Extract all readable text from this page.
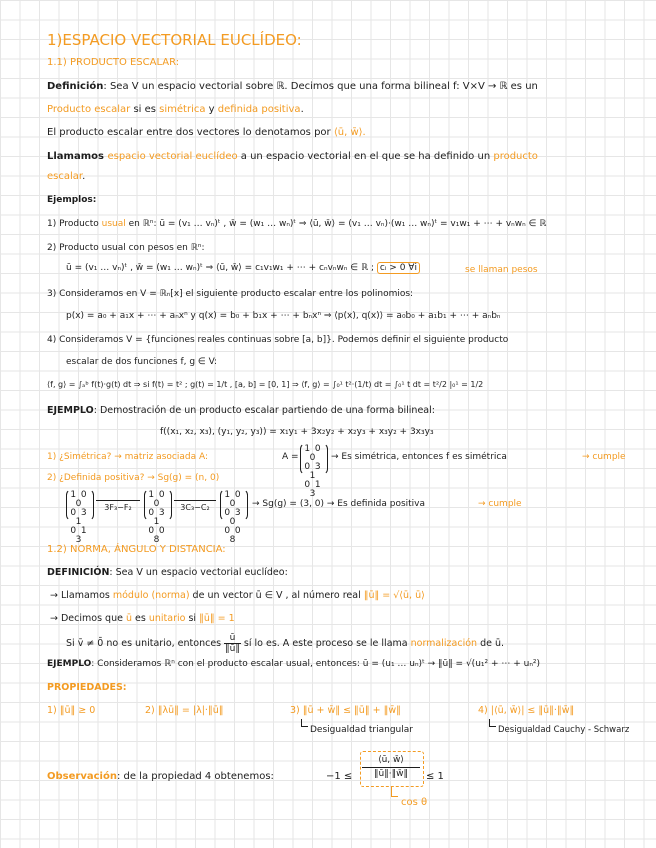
1)ESPACIO VECTORIAL EUCLÍDEO:
1.1) PRODUCTO ESCALAR:
Definición: Sea V un espacio vectorial sobre ℝ. Decimos que una forma bilineal f: V×V → ℝ es un
Producto escalar si es simétrica y definida positiva.
El producto escalar entre dos vectores lo denotamos por ⟨ū, w̄⟩.
Llamamos espacio vectorial euclídeo a un espacio vectorial en el que se ha definido un producto
escalar.
Ejemplos:
1) Producto usual en ℝⁿ: ū = (v₁ … vₙ)ᵗ , w̄ = (w₁ … wₙ)ᵗ ⇒ ⟨ū, w̄⟩ = (v₁ … vₙ)·(w₁ … wₙ)ᵗ = v₁w₁ + ⋯ + vₙwₙ ∈ ℝ
2) Producto usual con pesos en ℝⁿ:
ū = (v₁ … vₙ)ᵗ , w̄ = (w₁ … wₙ)ᵗ ⇒ ⟨ū, w̄⟩ = c₁v₁w₁ + ⋯ + cₙvₙwₙ ∈ ℝ ; cᵢ > 0 ∀i	se llaman pesos
3) Consideramos en V = ℝₙ[x] el siguiente producto escalar entre los polinomios:
p(x) = a₀ + a₁x + ⋯ + aₙxⁿ y q(x) = b₀ + b₁x + ⋯ + bₙxⁿ ⇒ ⟨p(x), q(x)⟩ = a₀b₀ + a₁b₁ + ⋯ + aₙbₙ
4) Consideramos V = {funciones reales continuas sobre [a, b]}. Podemos definir el siguiente producto
escalar de dos funciones f, g ∈ V:
⟨f, g⟩ = ∫ₐᵇ f(t)·g(t) dt ⇒ si f(t) = t² ; g(t) = 1/t , [a, b] = [0, 1] ⇒ ⟨f, g⟩ = ∫₀¹ t²·(1/t) dt = ∫₀¹ t dt = t²/2 |₀¹ = 1/2
EJEMPLO: Demostración de un producto escalar partiendo de una forma bilineal:
f((x₁, x₂, x₃), (y₁, y₂, y₃)) = x₁y₁ + 3x₂y₂ + x₂y₃ + x₃y₂ + 3x₃y₃
1) ¿Simétrica? → matriz asociada A:	A =
1 0 0
0 3 1
0 1 3
→ Es simétrica, entonces f es simétrica	→ cumple
2) ¿Definida positiva? → Sg(g) = (n, 0)
1 0 0
0 3 1
0 1 3
3F₃−F₂
1 0 0
0 3 1
0 0 8
3C₃−C₂
1 0 0
0 3 0
0 0 8
→ Sg(g) = (3, 0) → Es definida positiva	→ cumple
1.2) NORMA, ÁNGULO Y DISTANCIA:
DEFINICIÓN: Sea V un espacio vectorial euclídeo:
→ Llamamos módulo (norma) de un vector ū ∈ V , al número real ‖ū‖ = √⟨ū, ū⟩
→ Decimos que ū es unitario si ‖ū‖ = 1
Si v̄ ≠ 0̄ no es unitario, entonces $\frac{ū}{‖ū‖}$ sí lo es. A este proceso se le llama normalización de ū.
EJEMPLO: Consideramos ℝⁿ con el producto escalar usual, entonces: ū = (u₁ … uₙ)ᵗ → ‖ū‖ = √(u₁² + ⋯ + uₙ²)
PROPIEDADES:
1) ‖ū‖ ≥ 0	2) ‖λū‖ = |λ|·‖ū‖	3) ‖ū + w̄‖ ≤ ‖ū‖ + ‖w̄‖	4) |⟨ū, w̄⟩| ≤ ‖ū‖·‖w̄‖
Desigualdad triangular	Desigualdad Cauchy - Schwarz
Observación: de la propiedad 4 obtenemos:	$-1 \le \frac{⟨ū, w̄⟩}{‖ū‖\cdot‖w̄‖} \le 1$
cos θ
